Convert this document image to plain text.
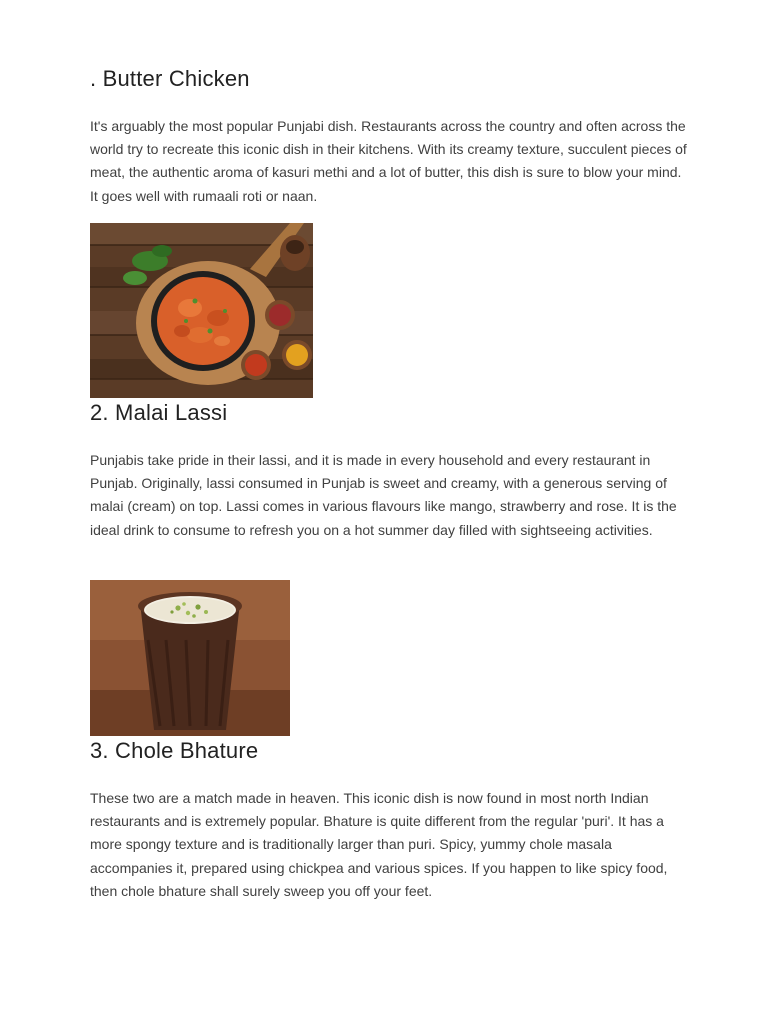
. Butter Chicken

It's arguably the most popular Punjabi dish. Restaurants across the country and often across the world try to recreate this iconic dish in their kitchens. With its creamy texture, succulent pieces of meat, the authentic aroma of kasuri methi and a lot of butter, this dish is sure to blow your mind. It goes well with rumaali roti or naan.

2. Malai Lassi

Punjabis take pride in their lassi, and it is made in every household and every restaurant in Punjab. Originally, lassi consumed in Punjab is sweet and creamy, with a generous serving of malai (cream) on top. Lassi comes in various flavours like mango, strawberry and rose. It is the ideal drink to consume to refresh you on a hot summer day filled with sightseeing activities.

3. Chole Bhature

These two are a match made in heaven. This iconic dish is now found in most north Indian restaurants and is extremely popular. Bhature is quite different from the regular 'puri'. It has a more spongy texture and is traditionally larger than puri. Spicy, yummy chole masala accompanies it, prepared using chickpea and various spices. If you happen to like spicy food, then chole bhature shall surely sweep you off your feet.
